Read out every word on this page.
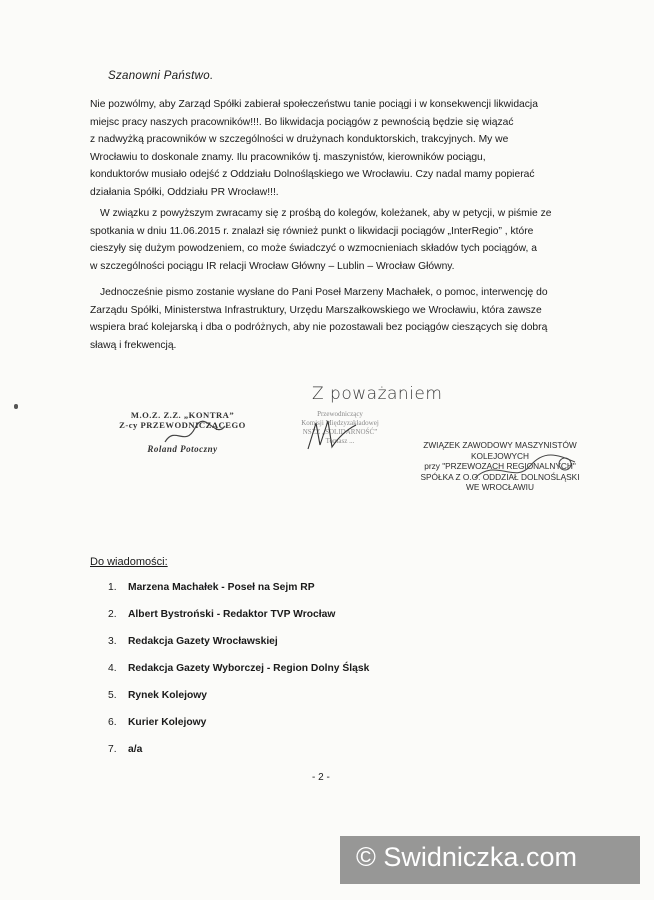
Szanowni Państwo.

Nie pozwólmy, aby Zarząd Spółki zabierał społeczeństwu tanie pociągi i w konsekwencji likwidacja

miejsc pracy naszych pracowników!!!. Bo likwidacja pociągów z pewnością będzie się wiązać

z nadwyżką pracowników w szczególności w drużynach konduktorskich, trakcyjnych. My we

Wrocławiu to doskonale znamy. Ilu pracowników tj. maszynistów, kierowników pociągu,

konduktorów musiało odejść z Oddziału Dolnośląskiego we Wrocławiu. Czy nadal mamy popierać

działania Spółki, Oddziału PR Wrocław!!!.

W związku z powyższym zwracamy się z prośbą do kolegów, koleżanek, aby w petycji, w piśmie ze

spotkania w dniu 11.06.2015 r. znalazł się również punkt o likwidacji pociągów „InterRegio” , które

cieszyły się dużym powodzeniem, co może świadczyć o wzmocnieniach składów tych pociągów, a

w szczególności pociągu IR relacji Wrocław Główny – Lublin – Wrocław Główny.

Jednocześnie pismo zostanie wysłane do Pani Poseł Marzeny Machałek, o pomoc, interwencję do

Zarządu Spółki, Ministerstwa Infrastruktury, Urzędu Marszałkowskiego we Wrocławiu, która zawsze

wspiera brać kolejarską i dba o podróżnych, aby nie pozostawali bez pociągów cieszących się dobrą

sławą i frekwencją.

Z poważaniem
M.O.Z. Z.Z. „KONTRA”
Z-cy PRZEWODNICZĄCEGO
Roland Potoczny
Przewodniczący
Komisji Międzyzakładowej
NSZZ „SOLIDARNOŚĆ”
Tomasz ...	ZWIĄZEK ZAWODOWY MASZYNISTÓW
KOLEJOWYCH
przy "PRZEWOZACH REGIONALNYCH"
SPÓŁKA Z O.O. ODDZIAŁ DOLNOŚLĄSKI
WE WROCŁAWIU
Do wiadomości:
1. Marzena Machałek - Poseł na Sejm RP
2. Albert Bystroński - Redaktor TVP Wrocław
3. Redakcja Gazety Wrocławskiej
4. Redakcja Gazety Wyborczej - Region Dolny Śląsk
5. Rynek Kolejowy
6. Kurier Kolejowy
7. a/a
- 2 -
© Swidniczka.com
